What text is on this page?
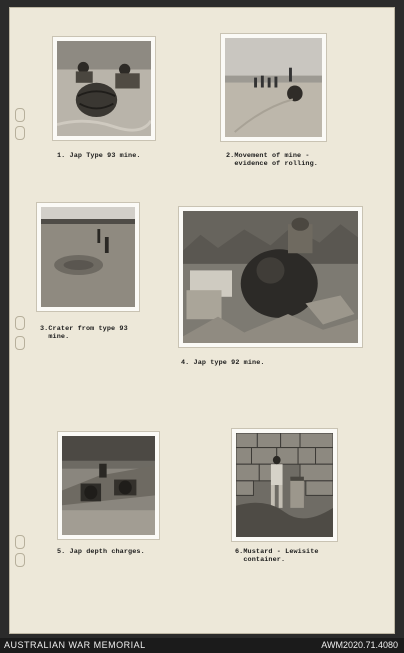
1. Jap Type 93 mine.	2.Movement of mine -
evidence of rolling.
3.Crater from type 93
mine.
4. Jap type 92 mine.
5. Jap depth charges.	6.Mustard - Lewisite
container.
AUSTRALIAN WAR MEMORIAL	AWM2020.71.4080
